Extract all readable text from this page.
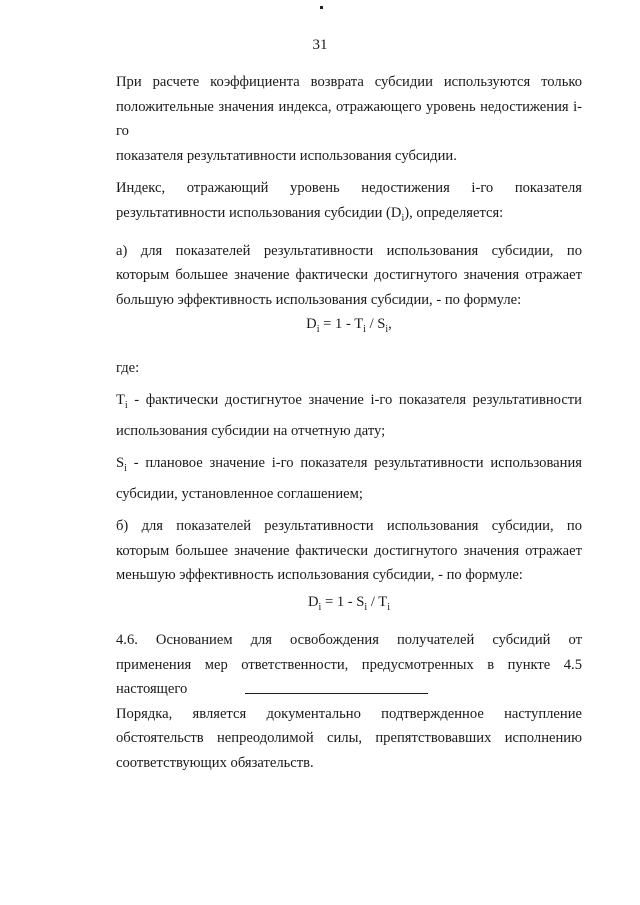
31
При расчете коэффициента возврата субсидии используются только
положительные значения индекса, отражающего уровень недостижения i-го
показателя результативности использования субсидии.
Индекс, отражающий уровень недостижения i-го показателя
результативности использования субсидии $(D_i)$, определяется:
а) для показателей результативности использования субсидии, по
которым большее значение фактически достигнутого значения отражает
большую эффективность использования субсидии, - по формуле:
$D_i = 1 - T_i / S_i$,
где:
$T_i$ - фактически достигнутое значение i-го показателя результативности
использования субсидии на отчетную дату;
$S_i$ - плановое значение i-го показателя результативности использования
субсидии, установленное соглашением;
б) для показателей результативности использования субсидии, по
которым большее значение фактически достигнутого значения отражает
меньшую эффективность использования субсидии, - по формуле:
$D_i = 1 - S_i / T_i$
4.6. Основанием для освобождения получателей субсидий от
применения мер ответственности, предусмотренных в пункте 4.5 настоящего
Порядка, является документально подтвержденное наступление
обстоятельств непреодолимой силы, препятствовавших исполнению
соответствующих обязательств.
